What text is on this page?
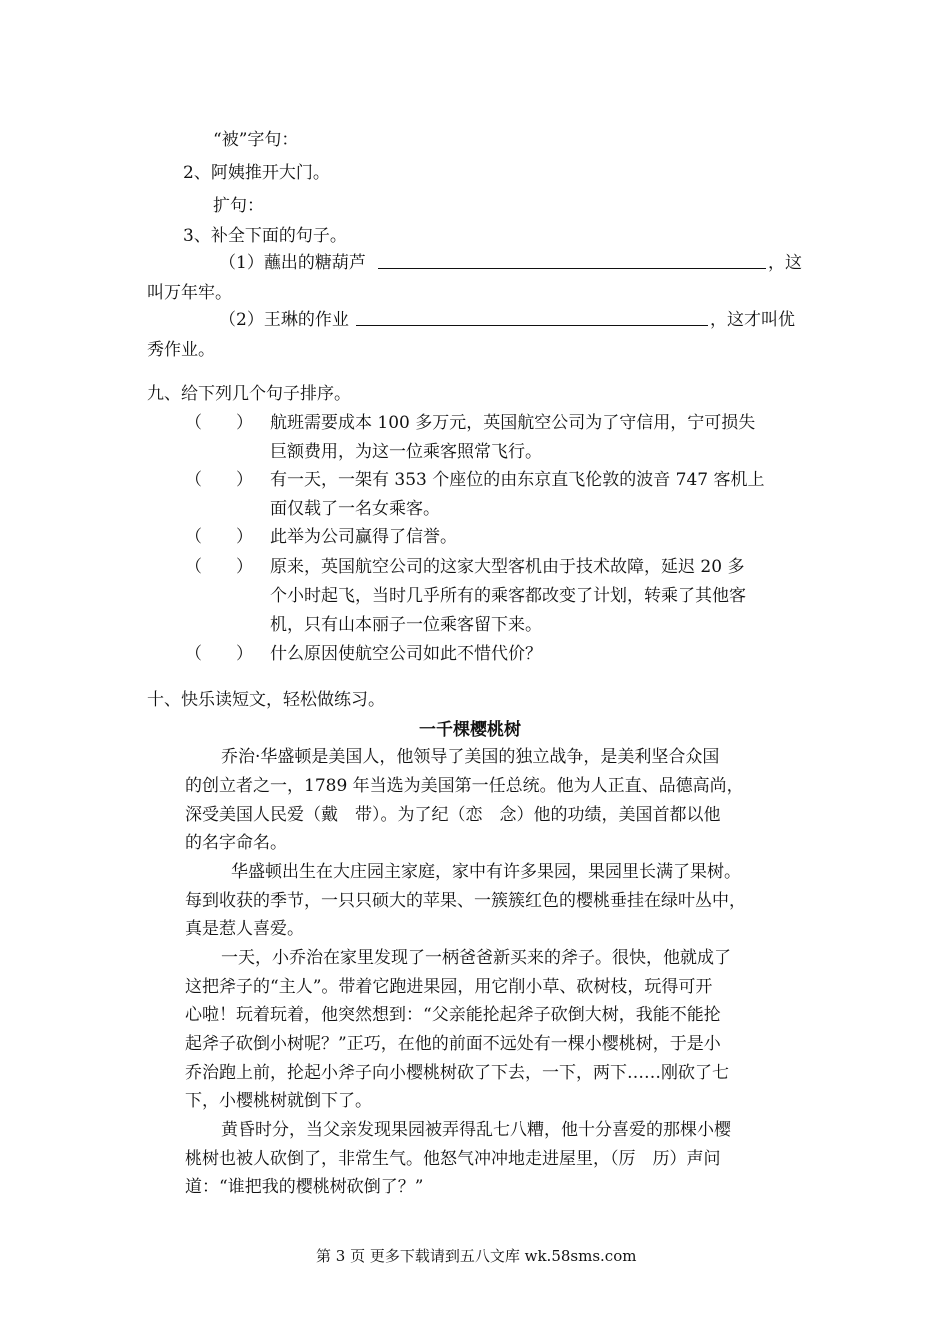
“被”字句：
2、阿姨推开大门。
扩句：
3、补全下面的句子。
（1）蘸出的糖葫芦	，这
叫万年牢。
（2）王琳的作业	，这才叫优
秀作业。
九、给下列几个句子排序。
（　　） 航班需要成本 100 多万元，英国航空公司为了守信用，宁可损失
巨额费用，为这一位乘客照常飞行。
（　　） 有一天，一架有 353 个座位的由东京直飞伦敦的波音 747 客机上
面仅载了一名女乘客。
（　　） 此举为公司赢得了信誉。
（　　） 原来，英国航空公司的这家大型客机由于技术故障，延迟 20 多
个小时起飞，当时几乎所有的乘客都改变了计划，转乘了其他客
机，只有山本丽子一位乘客留下来。
（　　） 什么原因使航空公司如此不惜代价？
十、快乐读短文，轻松做练习。
一千棵樱桃树
乔治·华盛顿是美国人，他领导了美国的独立战争，是美利坚合众国
的创立者之一，1789 年当选为美国第一任总统。他为人正直、品德高尚，
深受美国人民爱（戴　带）。为了纪（恋　念）他的功绩，美国首都以他
的名字命名。
华盛顿出生在大庄园主家庭，家中有许多果园，果园里长满了果树。
每到收获的季节，一只只硕大的苹果、一簇簇红色的樱桃垂挂在绿叶丛中，
真是惹人喜爱。
一天，小乔治在家里发现了一柄爸爸新买来的斧子。很快，他就成了
这把斧子的“主人”。带着它跑进果园，用它削小草、砍树枝，玩得可开
心啦！玩着玩着，他突然想到：“父亲能抡起斧子砍倒大树，我能不能抡
起斧子砍倒小树呢？”正巧，在他的前面不远处有一棵小樱桃树，于是小
乔治跑上前，抡起小斧子向小樱桃树砍了下去，一下，两下……刚砍了七
下，小樱桃树就倒下了。
黄昏时分，当父亲发现果园被弄得乱七八糟，他十分喜爱的那棵小樱
桃树也被人砍倒了，非常生气。他怒气冲冲地走进屋里，（厉　历）声问
道：“谁把我的樱桃树砍倒了？”
第 3 页 更多下载请到五八文库 wk.58sms.com
